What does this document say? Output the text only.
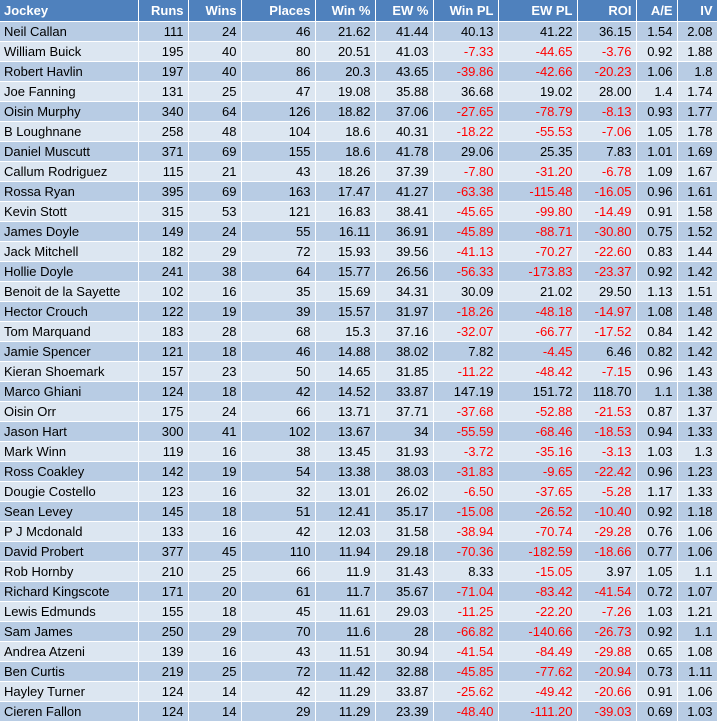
Jockey	Runs	Wins	Places	Win %	EW %	Win PL	EW PL	ROI	A/E	IV
Neil Callan	111	24	46	21.62	41.44	40.13	41.22	36.15	1.54	2.08
William Buick	195	40	80	20.51	41.03	-7.33	-44.65	-3.76	0.92	1.88
Robert Havlin	197	40	86	20.3	43.65	-39.86	-42.66	-20.23	1.06	1.8
Joe Fanning	131	25	47	19.08	35.88	36.68	19.02	28.00	1.4	1.74
Oisin Murphy	340	64	126	18.82	37.06	-27.65	-78.79	-8.13	0.93	1.77
B Loughnane	258	48	104	18.6	40.31	-18.22	-55.53	-7.06	1.05	1.78
Daniel Muscutt	371	69	155	18.6	41.78	29.06	25.35	7.83	1.01	1.69
Callum Rodriguez	115	21	43	18.26	37.39	-7.80	-31.20	-6.78	1.09	1.67
Rossa Ryan	395	69	163	17.47	41.27	-63.38	-115.48	-16.05	0.96	1.61
Kevin Stott	315	53	121	16.83	38.41	-45.65	-99.80	-14.49	0.91	1.58
James Doyle	149	24	55	16.11	36.91	-45.89	-88.71	-30.80	0.75	1.52
Jack Mitchell	182	29	72	15.93	39.56	-41.13	-70.27	-22.60	0.83	1.44
Hollie Doyle	241	38	64	15.77	26.56	-56.33	-173.83	-23.37	0.92	1.42
Benoit de la Sayette	102	16	35	15.69	34.31	30.09	21.02	29.50	1.13	1.51
Hector Crouch	122	19	39	15.57	31.97	-18.26	-48.18	-14.97	1.08	1.48
Tom Marquand	183	28	68	15.3	37.16	-32.07	-66.77	-17.52	0.84	1.42
Jamie Spencer	121	18	46	14.88	38.02	7.82	-4.45	6.46	0.82	1.42
Kieran Shoemark	157	23	50	14.65	31.85	-11.22	-48.42	-7.15	0.96	1.43
Marco Ghiani	124	18	42	14.52	33.87	147.19	151.72	118.70	1.1	1.38
Oisin Orr	175	24	66	13.71	37.71	-37.68	-52.88	-21.53	0.87	1.37
Jason Hart	300	41	102	13.67	34	-55.59	-68.46	-18.53	0.94	1.33
Mark Winn	119	16	38	13.45	31.93	-3.72	-35.16	-3.13	1.03	1.3
Ross Coakley	142	19	54	13.38	38.03	-31.83	-9.65	-22.42	0.96	1.23
Dougie Costello	123	16	32	13.01	26.02	-6.50	-37.65	-5.28	1.17	1.33
Sean Levey	145	18	51	12.41	35.17	-15.08	-26.52	-10.40	0.92	1.18
P J Mcdonald	133	16	42	12.03	31.58	-38.94	-70.74	-29.28	0.76	1.06
David Probert	377	45	110	11.94	29.18	-70.36	-182.59	-18.66	0.77	1.06
Rob Hornby	210	25	66	11.9	31.43	8.33	-15.05	3.97	1.05	1.1
Richard Kingscote	171	20	61	11.7	35.67	-71.04	-83.42	-41.54	0.72	1.07
Lewis Edmunds	155	18	45	11.61	29.03	-11.25	-22.20	-7.26	1.03	1.21
Sam James	250	29	70	11.6	28	-66.82	-140.66	-26.73	0.92	1.1
Andrea Atzeni	139	16	43	11.51	30.94	-41.54	-84.49	-29.88	0.65	1.08
Ben Curtis	219	25	72	11.42	32.88	-45.85	-77.62	-20.94	0.73	1.11
Hayley Turner	124	14	42	11.29	33.87	-25.62	-49.42	-20.66	0.91	1.06
Cieren Fallon	124	14	29	11.29	23.39	-48.40	-111.20	-39.03	0.69	1.03
